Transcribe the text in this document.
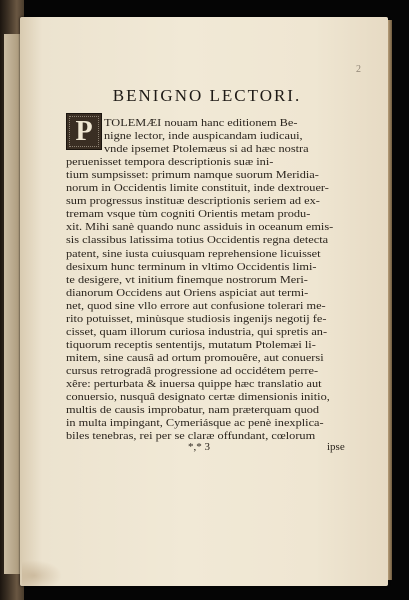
2
BENIGNO LECTORI.
P	TOLEMÆI nouam hanc editionem Be-
nigne lector, inde auspicandam iudicaui,
vnde ipsemet Ptolemæus si ad hæc nostra
peruenisset tempora descriptionis suæ ini-
tium sumpsisset: primum namque suorum Meridia-
norum in Occidentis limite constituit, inde dextrouer-
sum progressus instituæ descriptionis seriem ad ex-
tremam vsque tùm cogniti Orientis metam produ-
xit. Mihi sanè quando nunc assiduis in oceanum emis-
sis classibus latissima totius Occidentis regna detecta
patent, sine iusta cuiusquam reprehensione licuisset
desixum hunc terminum in vltimo Occidentis limi-
te desigere, vt initium finemque nostrorum Meri-
dianorum Occidens aut Oriens aspiciat aut termi-
net, quod sine vllo errore aut confusione tolerari me-
rito potuisset, minùsque studiosis ingenijs negotij fe-
cisset, quam illorum curiosa industria, qui spretis an-
tiquorum receptis sententijs, mutatum Ptolemæi li-
mitem, sine causâ ad ortum promouêre, aut conuersi
cursus retrogradâ progressione ad occidétem perre-
xêre: perturbata & inuersa quippe hæc translatio aut
conuersio, nusquâ designato certæ dimensionis initio,
multis de causis improbatur, nam præterquam quod
in multa impingant, Cymeriásque ac penè inexplica-
biles tenebras, rei per se claræ offundant, cœlorum
*,* 3	ipse
